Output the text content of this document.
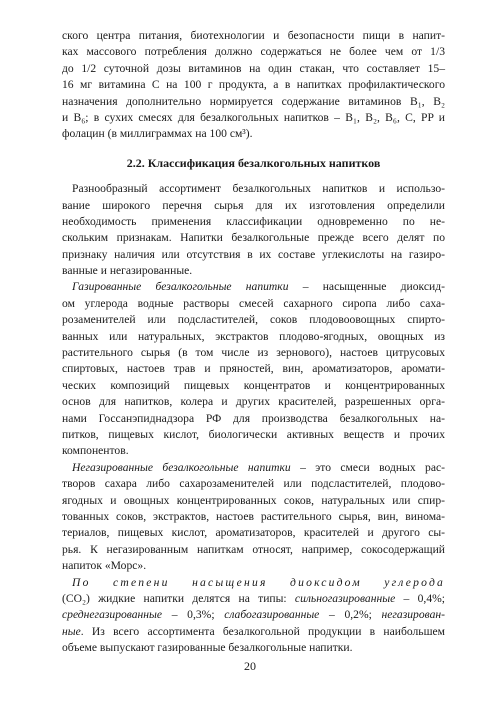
ского центра питания, биотехнологии и безопасности пищи в напит-

ках массового потребления должно содержаться не более чем от 1/3

до 1/2 суточной дозы витаминов на один стакан, что составляет 15–

16 мг витамина С на 100 г продукта, а в напитках профилактического

назначения дополнительно нормируется содержание витаминов B₁, B₂

и B₆; в сухих смесях для безалкогольных напитков – B₁, B₂, B₆, C, PP и

фолацин (в миллиграммах на 100 см³).

2.2. Классификация безалкогольных напитков

Разнообразный ассортимент безалкогольных напитков и использо-

вание широкого перечня сырья для их изготовления определили

необходимость применения классификации одновременно по не-

скольким признакам. Напитки безалкогольные прежде всего делят по

признаку наличия или отсутствия в их составе углекислоты на газиро-

ванные и негазированные.

Газированные безалкогольные напитки – насыщенные диоксид-

ом углерода водные растворы смесей сахарного сиропа либо саха-

розаменителей или подсластителей, соков плодовоовощных спирто-

ванных или натуральных, экстрактов плодово-ягодных, овощных из

растительного сырья (в том числе из зернового), настоев цитрусовых

спиртовых, настоев трав и пряностей, вин, ароматизаторов, аромати-

ческих композиций пищевых концентратов и концентрированных

основ для напитков, колера и других красителей, разрешенных орга-

нами Госсанэпиднадзора РФ для производства безалкогольных на-

питков, пищевых кислот, биологически активных веществ и прочих

компонентов.

Негазированные безалкогольные напитки – это смеси водных рас-

творов сахара либо сахарозаменителей или подсластителей, плодово-

ягодных и овощных концентрированных соков, натуральных или спир-

тованных соков, экстрактов, настоев растительного сырья, вин, винома-

териалов, пищевых кислот, ароматизаторов, красителей и другого сы-

рья. К негазированным напиткам относят, например, сокосодержащий

напиток «Морс».

По степени насыщения диоксидом углерода

(CO₂) жидкие напитки делятся на типы: сильногазированные – 0,4%;

среднегазированные – 0,3%; слабогазированные – 0,2%; негазирован-

ные. Из всего ассортимента безалкогольной продукции в наибольшем

объеме выпускают газированные безалкогольные напитки.

20
